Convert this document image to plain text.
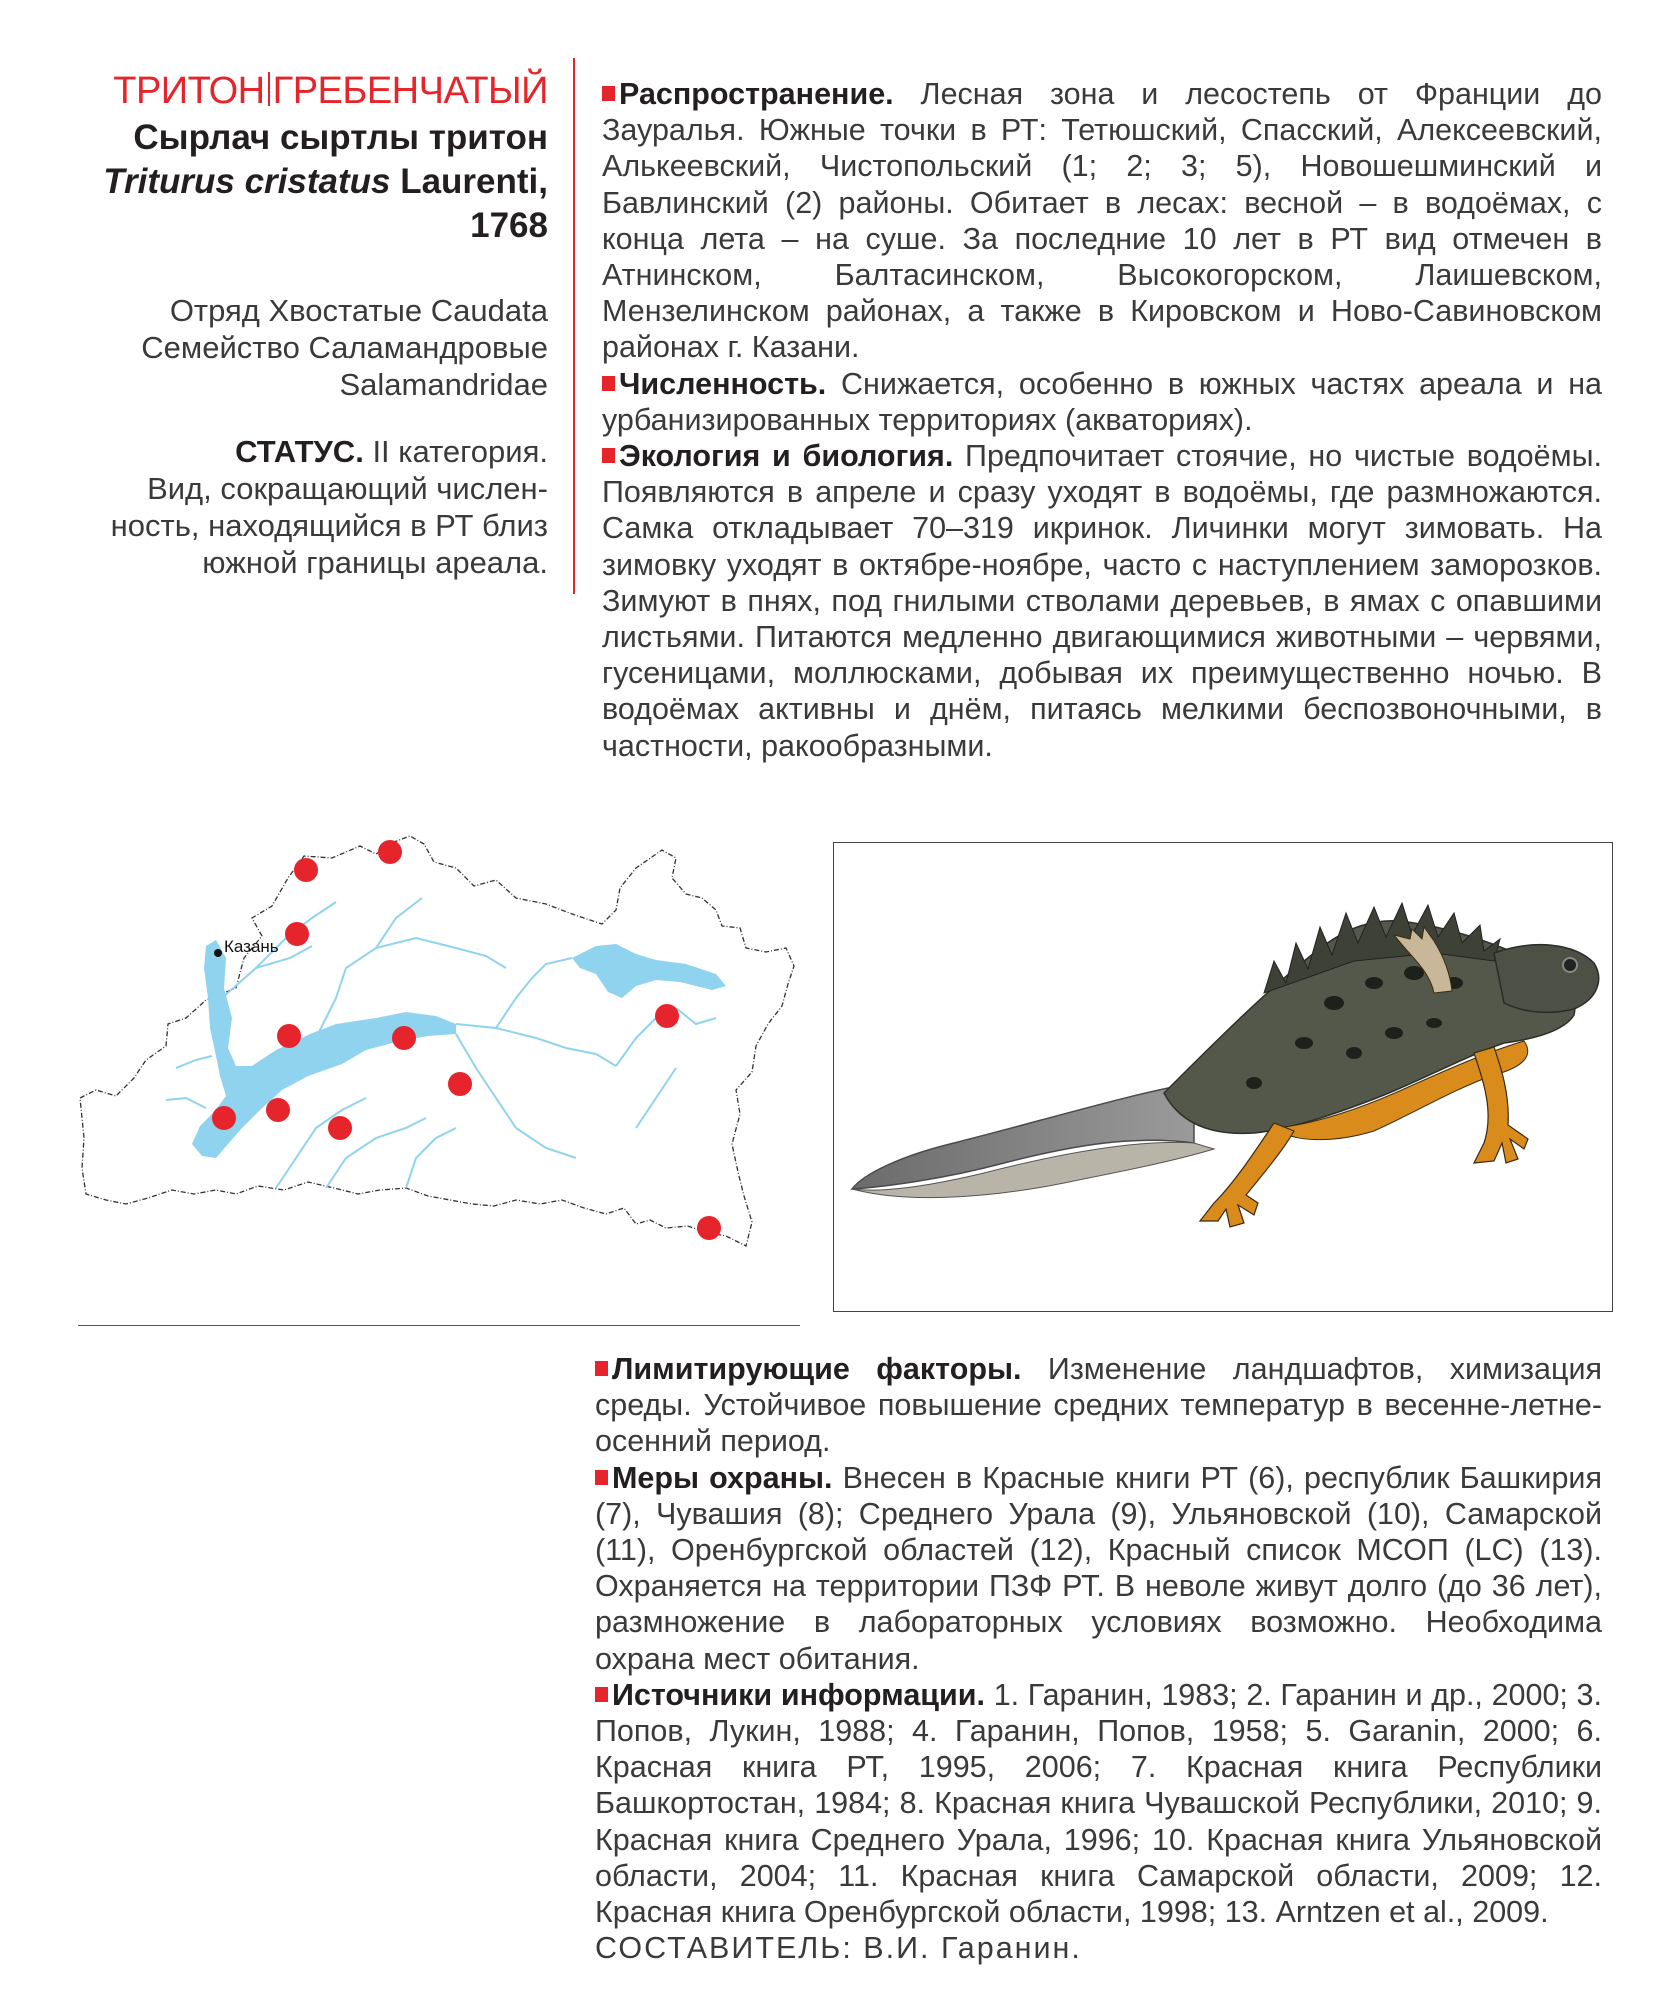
ТРИТОН ГРЕБЕНЧАТЫЙ
Сырлач сыртлы тритон
Triturus cristatus Laurenti,
1768
Отряд Хвостатые Caudata
Семейство Саламандровые
Salamandridae
СТАТУС. II категория.
Вид, сокращающий числен-
ность, находящийся в РТ близ
южной границы ареала.

Распространение. Лесная зона и лесостепь от Франции до Зауралья. Южные точки в РТ: Тетюшский, Спасский, Алексеевский, Алькеевский, Чистопольский (1; 2; 3; 5), Новошешминский и Бавлинский (2) районы. Обитает в лесах: весной – в водоёмах, с конца лета – на суше. За последние 10 лет в РТ вид отмечен в Атнинском, Балтасинском, Высокогорском, Лаишевском, Мензелинском районах, а также в Кировском и Ново-Савиновском районах г. Казани.

Численность. Снижается, особенно в южных частях ареала и на урбанизированных территориях (акваториях).

Экология и биология. Предпочитает стоячие, но чистые водоёмы. Появляются в апреле и сразу уходят в водоёмы, где размножаются. Самка откладывает 70–319 икринок. Личинки могут зимовать. На зимовку уходят в октябре-ноябре, часто с наступлением заморозков. Зимуют в пнях, под гнилыми стволами деревьев, в ямах с опавшими листьями. Питаются медленно двигающимися животными – червями, гусеницами, моллюсками, добывая их преимущественно ночью. В водоёмах активны и днём, питаясь мелкими беспозвоночными, в частности, ракообразными.

Казань

Лимитирующие факторы. Изменение ландшафтов, химизация среды. Устойчивое повышение средних температур в весенне-летне-осенний период.

Меры охраны. Внесен в Красные книги РТ (6), республик Башкирия (7), Чувашия (8); Среднего Урала (9), Ульяновской (10), Самарской (11), Оренбургской областей (12), Красный список МСОП (LC) (13). Охраняется на территории ПЗФ РТ. В неволе живут долго (до 36 лет), размножение в лабораторных условиях возможно. Необходима охрана мест обитания.

Источники информации. 1. Гаранин, 1983; 2. Гаранин и др., 2000; 3. Попов, Лукин, 1988; 4. Гаранин, Попов, 1958; 5. Garanin, 2000; 6. Красная книга РТ, 1995, 2006; 7. Красная книга Республики Башкортостан, 1984; 8. Красная книга Чувашской Республики, 2010; 9. Красная книга Среднего Урала, 1996; 10. Красная книга Ульяновской области, 2004; 11. Красная книга Самарской области, 2009; 12. Красная книга Оренбургской области, 1998; 13. Arntzen et al., 2009.

СОСТАВИТЕЛЬ: В.И. Гаранин.
